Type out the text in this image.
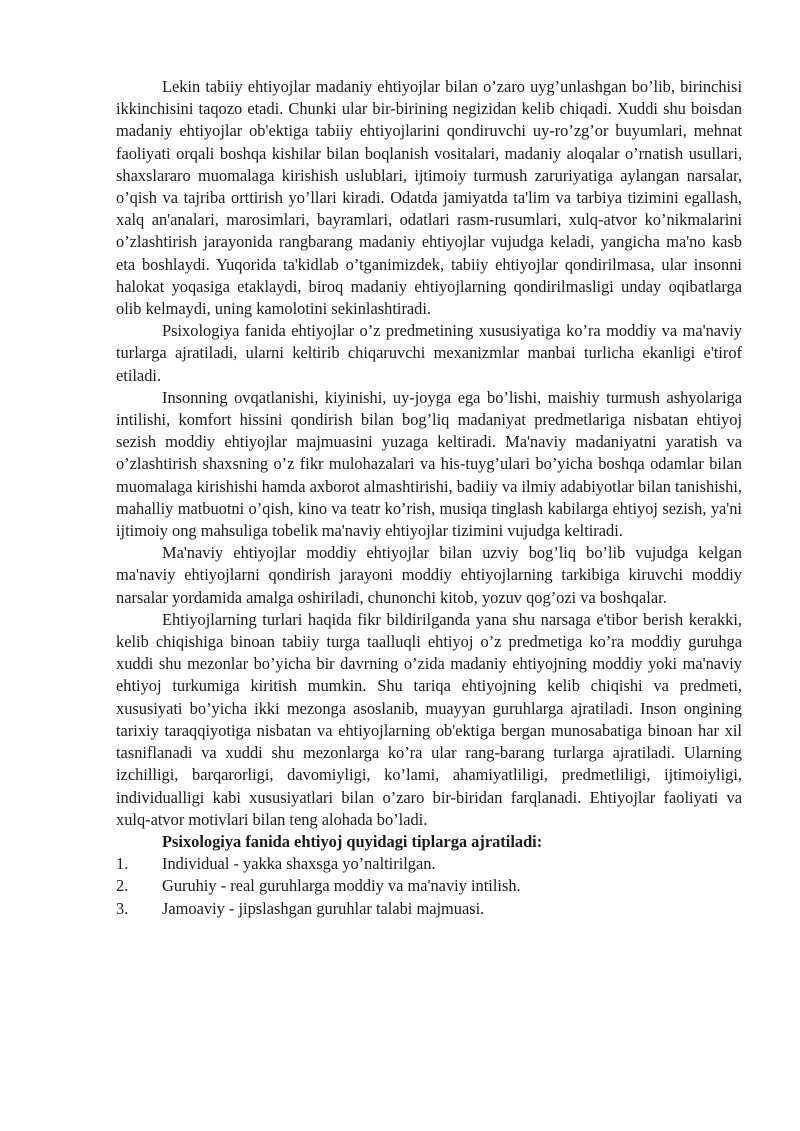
Lekin tabiiy ehtiyojlar madaniy ehtiyojlar bilan o’zaro uyg’unlashgan bo’lib, birinchisi ikkinchisini taqozo etadi. Chunki ular bir-birining negizidan kelib chiqadi. Xuddi shu boisdan madaniy ehtiyojlar ob'ektiga tabiiy ehtiyojlarini qondiruvchi uy-ro’zg’or buyumlari, mehnat faoliyati orqali boshqa kishilar bilan boqlanish vositalari, madaniy aloqalar o’rnatish usullari, shaxslararo muomalaga kirishish uslublari, ijtimoiy turmush zaruriyatiga aylangan narsalar, o’qish va tajriba orttirish yo’llari kiradi. Odatda jamiyatda ta'lim va tarbiya tizimini egallash, xalq an'analari, marosimlari, bayramlari, odatlari rasm-rusumlari, xulq-atvor ko’nikmalarini o’zlashtirish jarayonida rangbarang madaniy ehtiyojlar vujudga keladi, yangicha ma'no kasb eta boshlaydi. Yuqorida ta'kidlab o’tganimizdek, tabiiy ehtiyojlar qondirilmasa, ular insonni halokat yoqasiga etaklaydi, biroq madaniy ehtiyojlarning qondirilmasligi unday oqibatlarga olib kelmaydi, uning kamolotini sekinlashtiradi.

Psixologiya fanida ehtiyojlar o’z predmetining xususiyatiga ko’ra moddiy va ma'naviy turlarga ajratiladi, ularni keltirib chiqaruvchi mexanizmlar manbai turlicha ekanligi e'tirof etiladi.

Insonning ovqatlanishi, kiyinishi, uy-joyga ega bo’lishi, maishiy turmush ashyolariga intilishi, komfort hissini qondirish bilan bog’liq madaniyat predmetlariga nisbatan ehtiyoj sezish moddiy ehtiyojlar majmuasini yuzaga keltiradi. Ma'naviy madaniyatni yaratish va o’zlashtirish shaxsning o’z fikr mulohazalari va his-tuyg’ulari bo’yicha boshqa odamlar bilan muomalaga kirishishi hamda axborot almashtirishi, badiiy va ilmiy adabiyotlar bilan tanishishi, mahalliy matbuotni o’qish, kino va teatr ko’rish, musiqa tinglash kabilarga ehtiyoj sezish, ya'ni ijtimoiy ong mahsuliga tobelik ma'naviy ehtiyojlar tizimini vujudga keltiradi.

Ma'naviy ehtiyojlar moddiy ehtiyojlar bilan uzviy bog’liq bo’lib vujudga kelgan ma'naviy ehtiyojlarni qondirish jarayoni moddiy ehtiyojlarning tarkibiga kiruvchi moddiy narsalar yordamida amalga oshiriladi, chunonchi kitob, yozuv qog’ozi va boshqalar.

Ehtiyojlarning turlari haqida fikr bildirilganda yana shu narsaga e'tibor berish kerakki, kelib chiqishiga binoan tabiiy turga taalluqli ehtiyoj o’z predmetiga ko’ra moddiy guruhga xuddi shu mezonlar bo’yicha bir davrning o’zida madaniy ehtiyojning moddiy yoki ma'naviy ehtiyoj turkumiga kiritish mumkin. Shu tariqa ehtiyojning kelib chiqishi va predmeti, xususiyati bo’yicha ikki mezonga asoslanib, muayyan guruhlarga ajratiladi. Inson ongining tarixiy taraqqiyotiga nisbatan va ehtiyojlarning ob'ektiga bergan munosabatiga binoan har xil tasniflanadi va xuddi shu mezonlarga ko’ra ular rang-barang turlarga ajratiladi. Ularning izchilligi, barqarorligi, davomiyligi, ko’lami, ahamiyatliligi, predmetliligi, ijtimoiyligi, individualligi kabi xususiyatlari bilan o’zaro bir-biridan farqlanadi. Ehtiyojlar faoliyati va xulq-atvor motivlari bilan teng alohada bo’ladi.

Psixologiya fanida ehtiyoj quyidagi tiplarga ajratiladi:

1.	Individual - yakka shaxsga yo’naltirilgan.
2.	Guruhiy - real guruhlarga moddiy va ma'naviy intilish.
3.	Jamoaviy - jipslashgan guruhlar talabi majmuasi.
